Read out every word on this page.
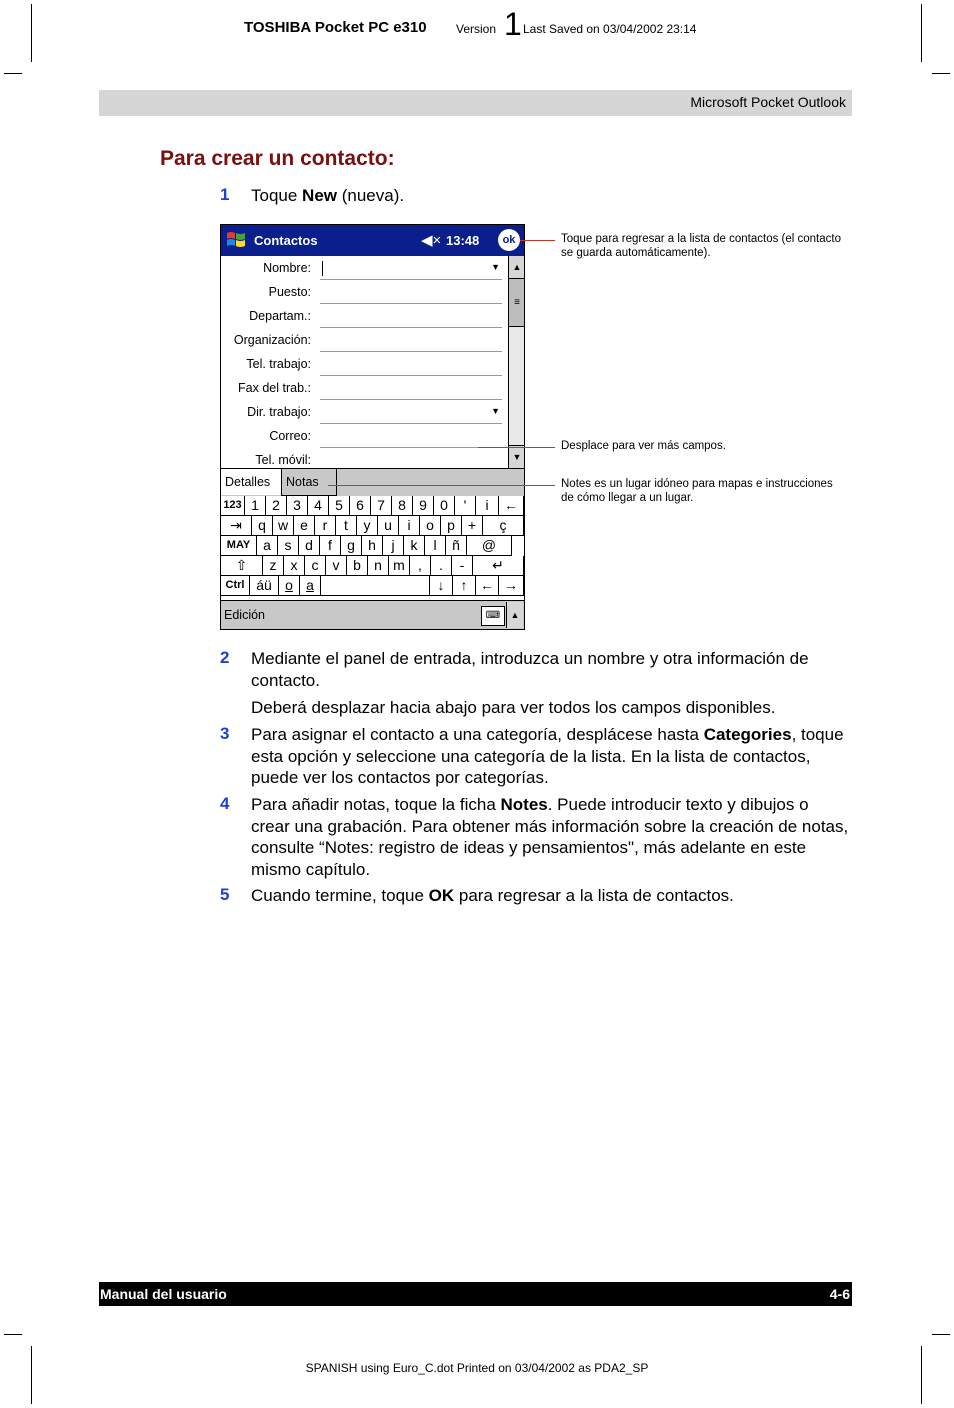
TOSHIBA Pocket PC e310 Version 1 Last Saved on 03/04/2002 23:14
Microsoft Pocket Outlook
Para crear un contacto:
1 Toque New (nueva).
Contactos	◀× 13:48	ok
Nombre:	▼
Puesto:
Departam.:
Organización:
Tel. trabajo:
Fax del trab.:
Dir. trabajo:	▼
Correo:
Tel. móvil:
▲
≡
▼
Detalles	Notas
123 1 2 3 4 5 6 7 8 9 0	'	i	←
⇥	q w e	r	t	y u	i	o p +	ç
MAY a s d	f	g h	j	k	l	ñ	@
⇧	z	x	c	v b n m ,	.	-	↵
Ctrl áü o a	↓	↑ ← →
Edición	⌨	▲
Toque para regresar a la lista de contactos (el contacto se guarda automáticamente).
Desplace para ver más campos.
Notes es un lugar idóneo para mapas e instrucciones de cómo llegar a un lugar.
2 Mediante el panel de entrada, introduzca un nombre y otra información de contacto.
Deberá desplazar hacia abajo para ver todos los campos disponibles.
3 Para asignar el contacto a una categoría, desplácese hasta Categories, toque esta opción y seleccione una categoría de la lista. En la lista de contactos, puede ver los contactos por categorías.
4 Para añadir notas, toque la ficha Notes. Puede introducir texto y dibujos o crear una grabación. Para obtener más información sobre la creación de notas, consulte “Notes: registro de ideas y pensamientos", más adelante en este mismo capítulo.
5 Cuando termine, toque OK para regresar a la lista de contactos.
Manual del usuario	4-6
SPANISH using Euro_C.dot Printed on 03/04/2002 as PDA2_SP
